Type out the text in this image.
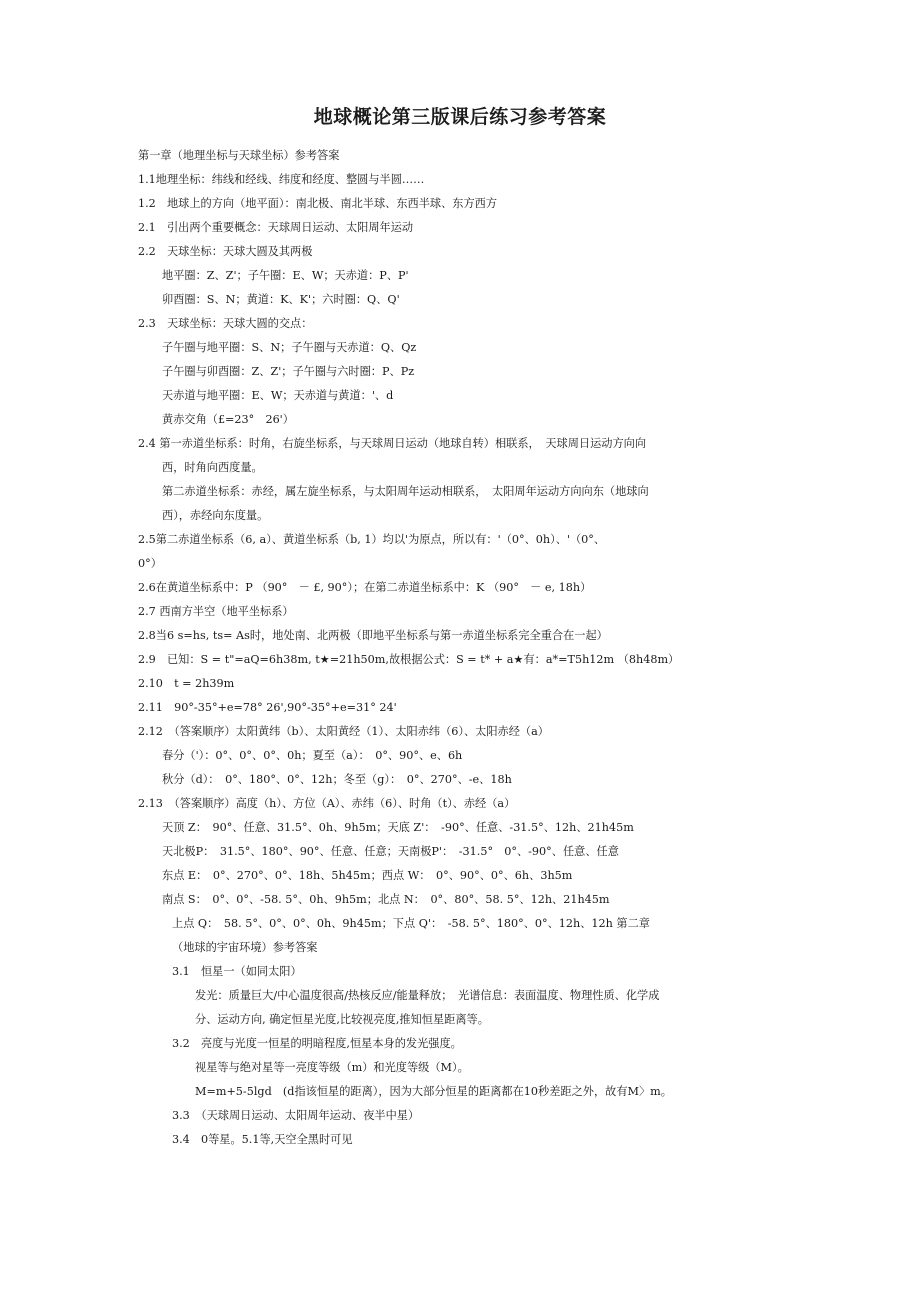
地球概论第三版课后练习参考答案
第一章（地理坐标与天球坐标）参考答案
1.1地理坐标：纬线和经线、纬度和经度、整圆与半圆……
1.2　地球上的方向（地平面）：南北极、南北半球、东西半球、东方西方
2.1　引出两个重要概念：天球周日运动、太阳周年运动
2.2　天球坐标：天球大圆及其两极
地平圈：Z、Z'；子午圈：E、W；天赤道：P、P'
卯酉圈：S、N；黄道：K、K'；六时圈：Q、Q'
2.3　天球坐标：天球大圆的交点：
子午圈与地平圈：S、N；子午圈与天赤道：Q、Qz
子午圈与卯酉圈：Z、Z'；子午圈与六时圈：P、Pz
天赤道与地平圈：E、W；天赤道与黄道：'、d
黄赤交角（£=23°　26'）
2.4 第一赤道坐标系：时角，右旋坐标系，与天球周日运动（地球自转）相联系，　天球周日运动方向向
西，时角向西度量。
第二赤道坐标系：赤经，属左旋坐标系，与太阳周年运动相联系，　太阳周年运动方向向东（地球向
西），赤经向东度量。
2.5第二赤道坐标系（6, a）、黄道坐标系（b, 1）均以'为原点，所以有：'（0°、0h）、'（0°、
0°）
2.6在黄道坐标系中：P （90°　－ £, 90°）；在第二赤道坐标系中：K （90°　－ e, 18h）
2.7 西南方半空（地平坐标系）
2.8当6 s=hs, ts= As时，地处南、北两极（即地平坐标系与第一赤道坐标系完全重合在一起）
2.9　已知：S = t"=aQ=6h38m, t★=21h50m,故根据公式：S = t* + a★有：a*=T5h12m （8h48m）
2.10　t = 2h39m
2.11　90°-35°+e=78° 26',90°-35°+e=31° 24'
2.12　（答案顺序）太阳黄纬（b）、太阳黄经（1）、太阳赤纬（6）、太阳赤经（a）
春分（'）：0°、0°、0°、0h；夏至（a）：　0°、90°、e、6h
秋分（d）：　0°、180°、0°、12h；冬至（g）：　0°、270°、-e、18h
2.13　（答案顺序）高度（h）、方位（A）、赤纬（6）、时角（t）、赤经（a）
天顶 Z：　90°、任意、31.5°、0h、9h5m；天底 Z'：　-90°、任意、-31.5°、12h、21h45m
天北极P：　31.5°、180°、90°、任意、任意；天南极P'：　-31.5°　0°、-90°、任意、任意
东点 E：　0°、270°、0°、18h、5h45m；西点 W：　0°、90°、0°、6h、3h5m
南点 S：　0°、0°、-58. 5°、0h、9h5m；北点 N：　0°、80°、58. 5°、12h、21h45m
上点 Q：　58. 5°、0°、0°、0h、9h45m；下点 Q'：　-58. 5°、180°、0°、12h、12h 第二章
（地球的宇宙环境）参考答案
3.1　恒星一（如同太阳）
发光：质量巨大/中心温度很高/热核反应/能量释放；　光谱信息：表面温度、物理性质、化学成
分、运动方向, 确定恒星光度,比较视亮度,推知恒星距离等。
3.2　亮度与光度一恒星的明暗程度,恒星本身的发光强度。
视星等与绝对星等一亮度等级（m）和光度等级（M）。
M=m+5-5lgd　(d指该恒星的距离），因为大部分恒星的距离都在10秒差距之外，故有M〉m。
3.3　（天球周日运动、太阳周年运动、夜半中星）
3.4　0等星。5.1等,天空全黑时可见
